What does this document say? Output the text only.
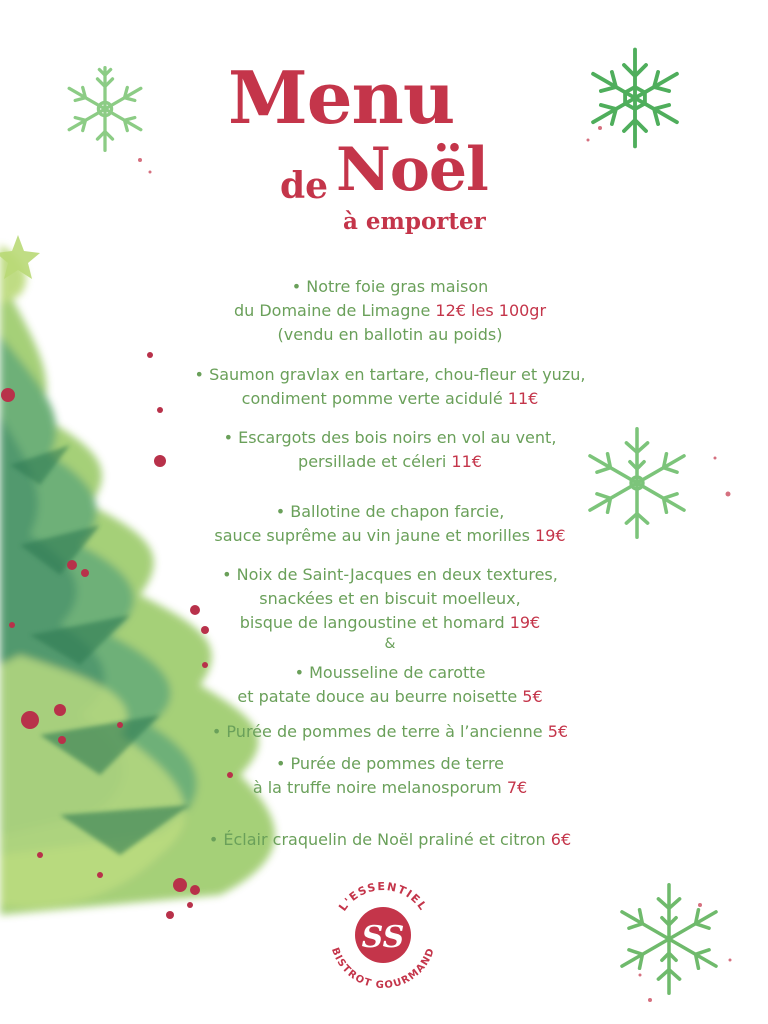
Menu
de Noël
à emporter
• Notre foie gras maison
du Domaine de Limagne 12€ les 100gr
(vendu en ballotin au poids)
• Saumon gravlax en tartare, chou-fleur et yuzu,
condiment pomme verte acidulé 11€
• Escargots des bois noirs en vol au vent,
persillade et céleri 11€
• Ballotine de chapon farcie,
sauce suprême au vin jaune et morilles 19€
• Noix de Saint-Jacques en deux textures,
snackées et en biscuit moelleux,
bisque de langoustine et homard 19€
&
• Mousseline de carotte
et patate douce au beurre noisette 5€
• Purée de pommes de terre à l’ancienne 5€
• Purée de pommes de terre
à la truffe noire melanosporum 7€
• Éclair craquelin de Noël praliné et citron 6€
L'ESSENTIEL
BISTROT GOURMAND
SS
